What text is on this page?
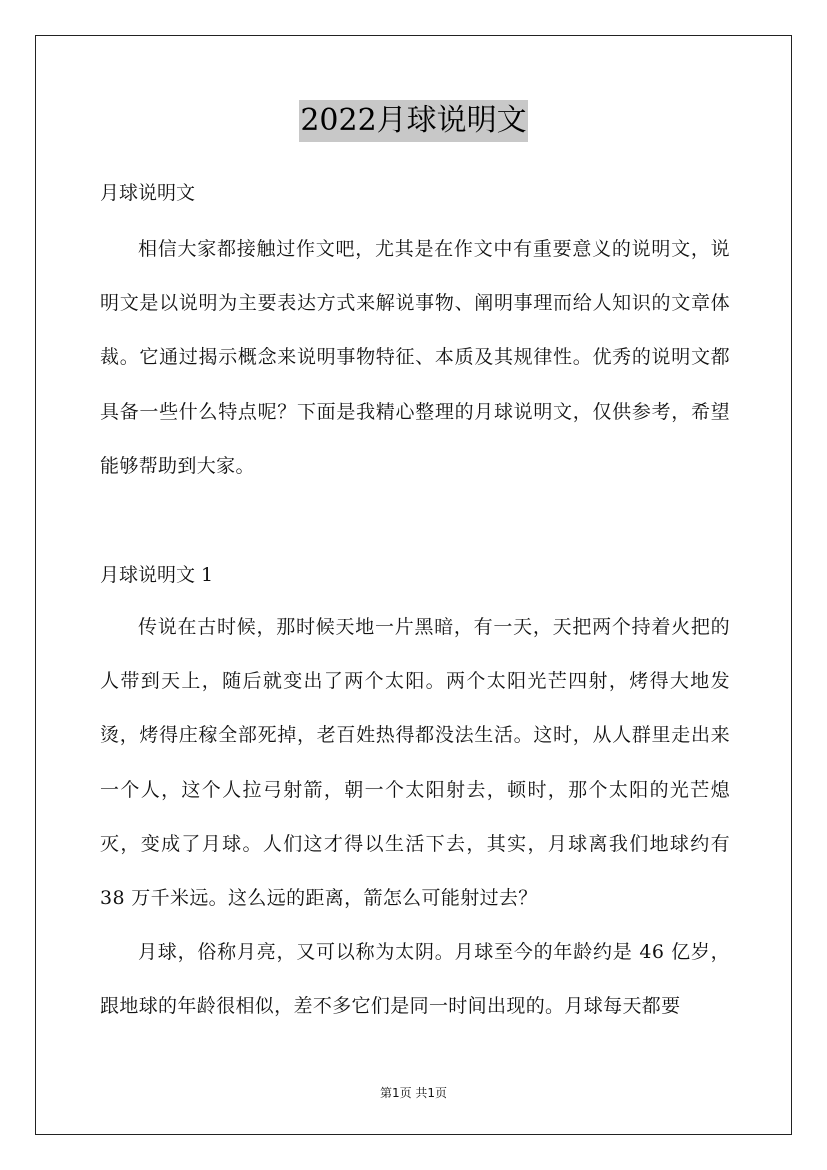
2022月球说明文

月球说明文

相信大家都接触过作文吧，尤其是在作文中有重要意义的说明文，说明文是以说明为主要表达方式来解说事物、阐明事理而给人知识的文章体裁。它通过揭示概念来说明事物特征、本质及其规律性。优秀的说明文都具备一些什么特点呢？下面是我精心整理的月球说明文，仅供参考，希望能够帮助到大家。

月球说明文 1

传说在古时候，那时候天地一片黑暗，有一天，天把两个持着火把的人带到天上，随后就变出了两个太阳。两个太阳光芒四射，烤得大地发烫，烤得庄稼全部死掉，老百姓热得都没法生活。这时，从人群里走出来一个人，这个人拉弓射箭，朝一个太阳射去，顿时，那个太阳的光芒熄灭，变成了月球。人们这才得以生活下去，其实，月球离我们地球约有 38 万千米远。这么远的距离，箭怎么可能射过去？

月球，俗称月亮，又可以称为太阴。月球至今的年龄约是 46 亿岁，跟地球的年龄很相似，差不多它们是同一时间出现的。月球每天都要

第1页 共1页
